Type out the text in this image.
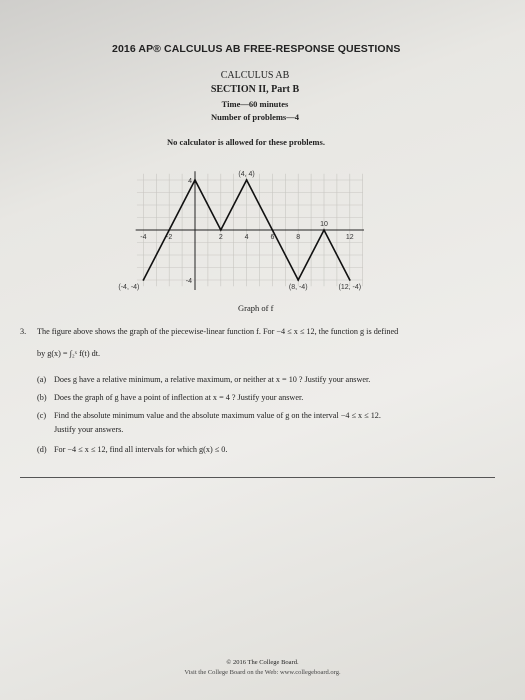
2016 AP® CALCULUS AB FREE-RESPONSE QUESTIONS
CALCULUS AB
SECTION II, Part B
Time—60 minutes
Number of problems—4
No calculator is allowed for these problems.
-4	-2	2	4	6	8
10
12
4
-4
(4, 4)
(-4, -4)	(8, -4)	(12, -4)
Graph of f
3. The figure above shows the graph of the piecewise-linear function f. For −4 ≤ x ≤ 12, the function g is defined
by g(x) = ∫₂ˣ f(t) dt.
(a) Does g have a relative minimum, a relative maximum, or neither at x = 10 ? Justify your answer.
(b) Does the graph of g have a point of inflection at x = 4 ? Justify your answer.
(c) Find the absolute minimum value and the absolute maximum value of g on the interval −4 ≤ x ≤ 12.
Justify your answers.
(d) For −4 ≤ x ≤ 12, find all intervals for which g(x) ≤ 0.
© 2016 The College Board.
Visit the College Board on the Web: www.collegeboard.org.
